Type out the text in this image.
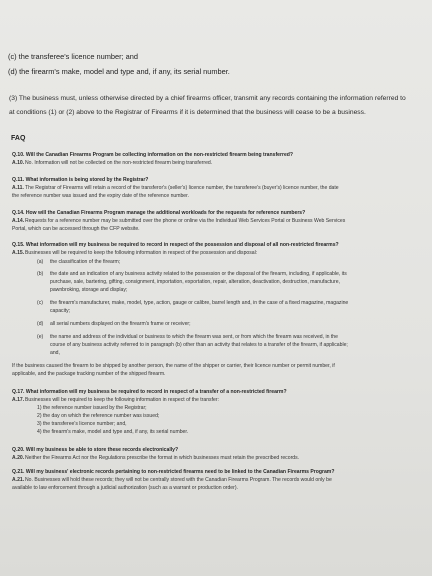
(c) the transferee's licence number; and
(d) the firearm's make, model and type and, if any, its serial number.
(3) The business must, unless otherwise directed by a chief firearms officer, transmit any records containing the information referred to
at conditions (1) or (2) above to the Registrar of Firearms if it is determined that the business will cease to be a business.
FAQ
Q.10. Will the Canadian Firearms Program be collecting information on the non-restricted firearm being transferred?
A.10. No. Information will not be collected on the non-restricted firearm being transferred.
Q.11. What information is being stored by the Registrar?
A.11. The Registrar of Firearms will retain a record of the transferor's (seller's) licence number, the transferee's (buyer's) licence number, the date
the reference number was issued and the expiry date of the reference number.
Q.14. How will the Canadian Firearms Program manage the additional workloads for the requests for reference numbers?
A.14. Requests for a reference number may be submitted over the phone or online via the Individual Web Services Portal or Business Web Services
Portal, which can be accessed through the CFP website.
Q.15. What information will my business be required to record in respect of the possession and disposal of all non-restricted firearms?
A.15. Businesses will be required to keep the following information in respect of the possession and disposal:
(a) the classification of the firearm;
(b) the date and an indication of any business activity related to the possession or the disposal of the firearm, including, if applicable, its
purchase, sale, bartering, gifting, consignment, importation, exportation, repair, alteration, deactivation, destruction, manufacture,
pawnbroking, storage and display;
(c) the firearm's manufacturer, make, model, type, action, gauge or calibre, barrel length and, in the case of a fixed magazine, magazine
capacity;
(d) all serial numbers displayed on the firearm's frame or receiver;
(e) the name and address of the individual or business to which the firearm was sent, or from which the firearm was received, in the
course of any business activity referred to in paragraph (b) other than an activity that relates to a transfer of the firearm, if applicable;
and,
If the business caused the firearm to be shipped by another person, the name of the shipper or carrier, their licence number or permit number, if
applicable, and the package tracking number of the shipped firearm.
Q.17. What information will my business be required to record in respect of a transfer of a non-restricted firearm?
A.17. Businesses will be required to keep the following information in respect of the transfer:
1) the reference number issued by the Registrar;
2) the day on which the reference number was issued;
3) the transferee's licence number; and,
4) the firearm's make, model and type and, if any, its serial number.
Q.20. Will my business be able to store these records electronically?
A.20. Neither the Firearms Act nor the Regulations prescribe the format in which businesses must retain the prescribed records.
Q.21. Will my business' electronic records pertaining to non-restricted firearms need to be linked to the Canadian Firearms Program?
A.21. No. Businesses will hold these records; they will not be centrally stored with the Canadian Firearms Program. The records would only be
available to law enforcement through a judicial authorization (such as a warrant or production order).
